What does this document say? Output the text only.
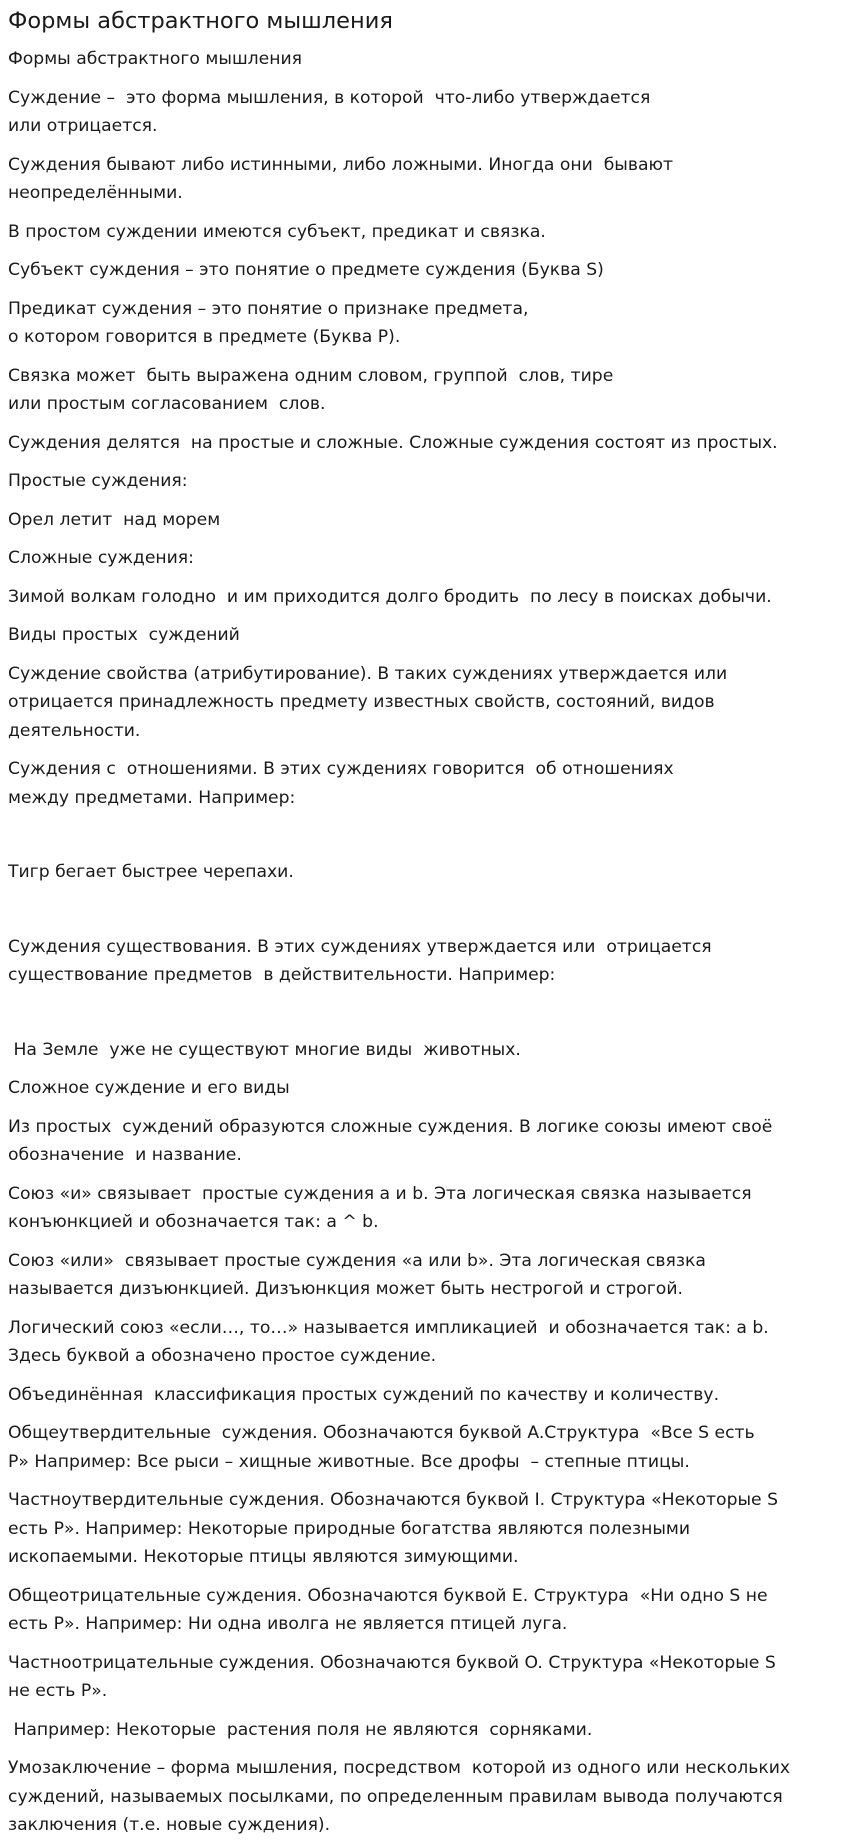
Формы абстрактного мышления

Формы абстрактного мышления

Суждение –  это форма мышления, в которой  что-либо утверждается
или отрицается.

Суждения бывают либо истинными, либо ложными. Иногда они  бывают
неопределёнными.

В простом суждении имеются субъект, предикат и связка.

Субъект суждения – это понятие о предмете суждения (Буква S)

Предикат суждения – это понятие о признаке предмета,
о котором говорится в предмете (Буква P).

Связка может  быть выражена одним словом, группой  слов, тире
или простым согласованием  слов.

Суждения делятся  на простые и сложные. Сложные суждения состоят из простых.

Простые суждения:

Орел летит  над морем

Сложные суждения:

Зимой волкам голодно  и им приходится долго бродить  по лесу в поисках добычи.

Виды простых  суждений

Суждение свойства (атрибутирование). В таких суждениях утверждается или
отрицается принадлежность предмету известных свойств, состояний, видов
деятельности.

Суждения с  отношениями. В этих суждениях говорится  об отношениях
между предметами. Например:

Тигр бегает быстрее черепахи.

Суждения существования. В этих суждениях утверждается или  отрицается
существование предметов  в действительности. Например:

На Земле  уже не существуют многие виды  животных.

Сложное суждение и его виды

Из простых  суждений образуются сложные суждения. В логике союзы имеют своё
обозначение  и название.

Союз «и» связывает  простые суждения a и b. Эта логическая связка называется
конъюнкцией и обозначается так: a ^ b.

Союз «или»  связывает простые суждения «a или b». Эта логическая связка
называется дизъюнкцией. Дизъюнкция может быть нестрогой и строгой.

Логический союз «если…, то…» называется импликацией  и обозначается так: a b.
Здесь буквой a обозначено простое суждение.

Объединённая  классификация простых суждений по качеству и количеству.

Общеутвердительные  суждения. Обозначаются буквой A.Структура  «Все S есть
P» Например: Все рыси – хищные животные. Все дрофы  – степные птицы.

Частноутвердительные суждения. Обозначаются буквой I. Структура «Некоторые S
есть P». Например: Некоторые природные богатства являются полезными
ископаемыми. Некоторые птицы являются зимующими.

Общеотрицательные суждения. Обозначаются буквой E. Структура  «Ни одно S не
есть P». Например: Ни одна иволга не является птицей луга.

Частноотрицательные суждения. Обозначаются буквой O. Структура «Некоторые S
не есть P».

Например: Некоторые  растения поля не являются  сорняками.

Умозаключение – форма мышления, посредством  которой из одного или нескольких
суждений, называемых посылками, по определенным правилам вывода получаются
заключения (т.е. новые суждения).
